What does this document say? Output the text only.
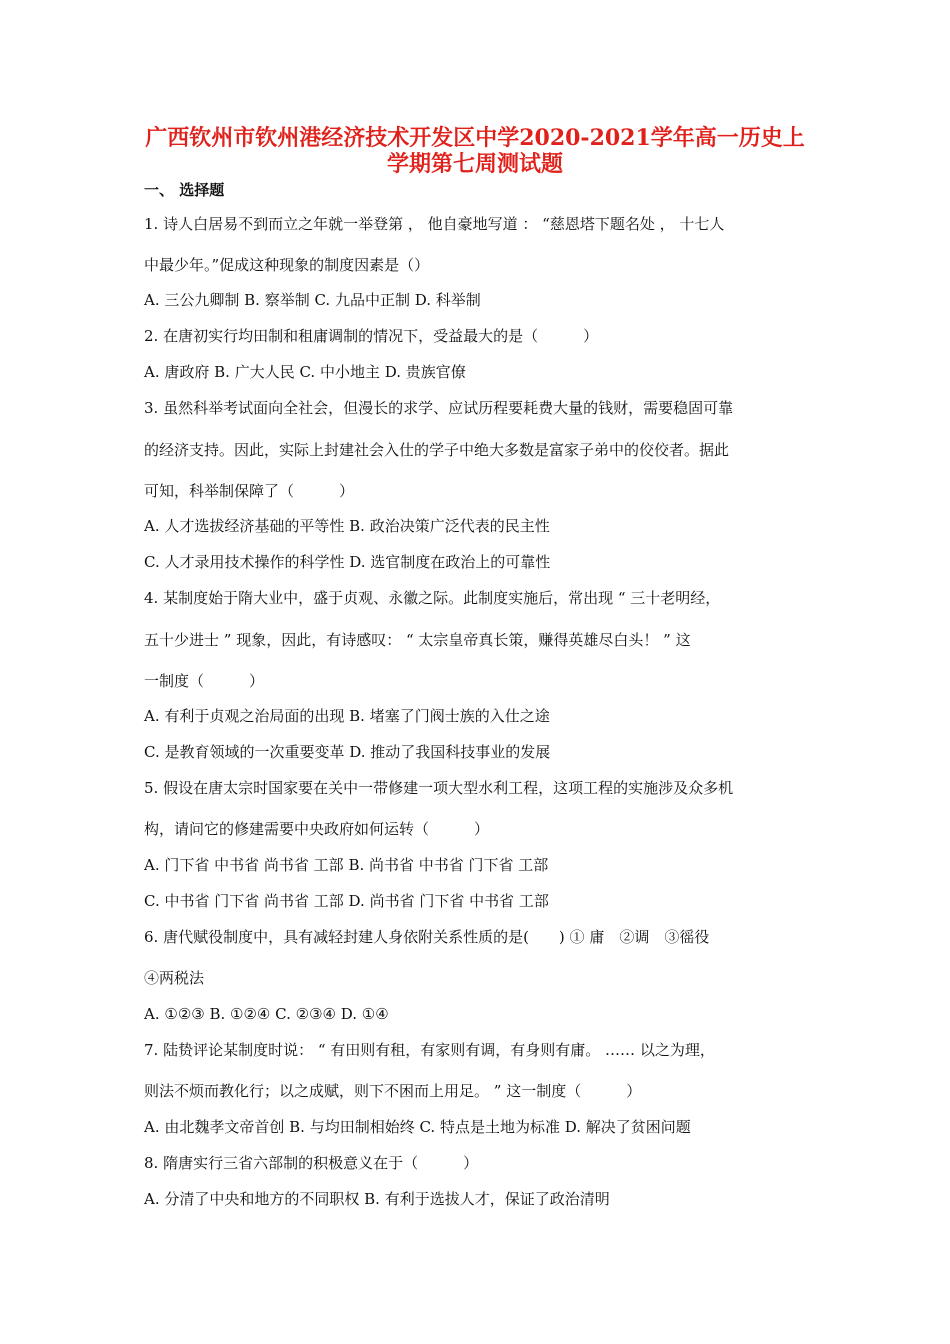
广西钦州市钦州港经济技术开发区中学2020-2021学年高一历史上
学期第七周测试题
一、 选择题

1. 诗人白居易不到而立之年就一举登第 ， 他自豪地写道 ： “慈恩塔下题名处 ， 十七人

中最少年。”促成这种现象的制度因素是（）

A. 三公九卿制 B. 察举制 C. 九品中正制 D. 科举制

2. 在唐初实行均田制和租庸调制的情况下，受益最大的是（　　　）

A. 唐政府 B. 广大人民 C. 中小地主 D. 贵族官僚

3. 虽然科举考试面向全社会，但漫长的求学、应试历程要耗费大量的钱财，需要稳固可靠

的经济支持。因此，实际上封建社会入仕的学子中绝大多数是富家子弟中的佼佼者。据此

可知，科举制保障了（　　　）

A. 人才选拔经济基础的平等性 B. 政治决策广泛代表的民主性

C. 人才录用技术操作的科学性 D. 选官制度在政治上的可靠性

4. 某制度始于隋大业中，盛于贞观、永徽之际。此制度实施后，常出现 “ 三十老明经，

五十少进士 ” 现象，因此，有诗感叹： “ 太宗皇帝真长策，赚得英雄尽白头！ ” 这

一制度（　　　）

A. 有利于贞观之治局面的出现 B. 堵塞了门阀士族的入仕之途

C. 是教育领域的一次重要变革 D. 推动了我国科技事业的发展

5. 假设在唐太宗时国家要在关中一带修建一项大型水利工程，这项工程的实施涉及众多机

构，请问它的修建需要中央政府如何运转（　　　）

A. 门下省 中书省 尚书省 工部 B. 尚书省 中书省 门下省 工部

C. 中书省 门下省 尚书省 工部 D. 尚书省 门下省 中书省 工部

6. 唐代赋役制度中，具有减轻封建人身依附关系性质的是(　　) ① 庸　②调　③徭役

④两税法

A. ①②③ B. ①②④ C. ②③④ D. ①④

7. 陆贽评论某制度时说： “ 有田则有租，有家则有调，有身则有庸。 …… 以之为理，

则法不烦而教化行；以之成赋，则下不困而上用足。 ” 这一制度（　　　）

A. 由北魏孝文帝首创 B. 与均田制相始终 C. 特点是土地为标准 D. 解决了贫困问题

8. 隋唐实行三省六部制的积极意义在于（　　　）

A. 分清了中央和地方的不同职权 B. 有利于选拔人才，保证了政治清明
